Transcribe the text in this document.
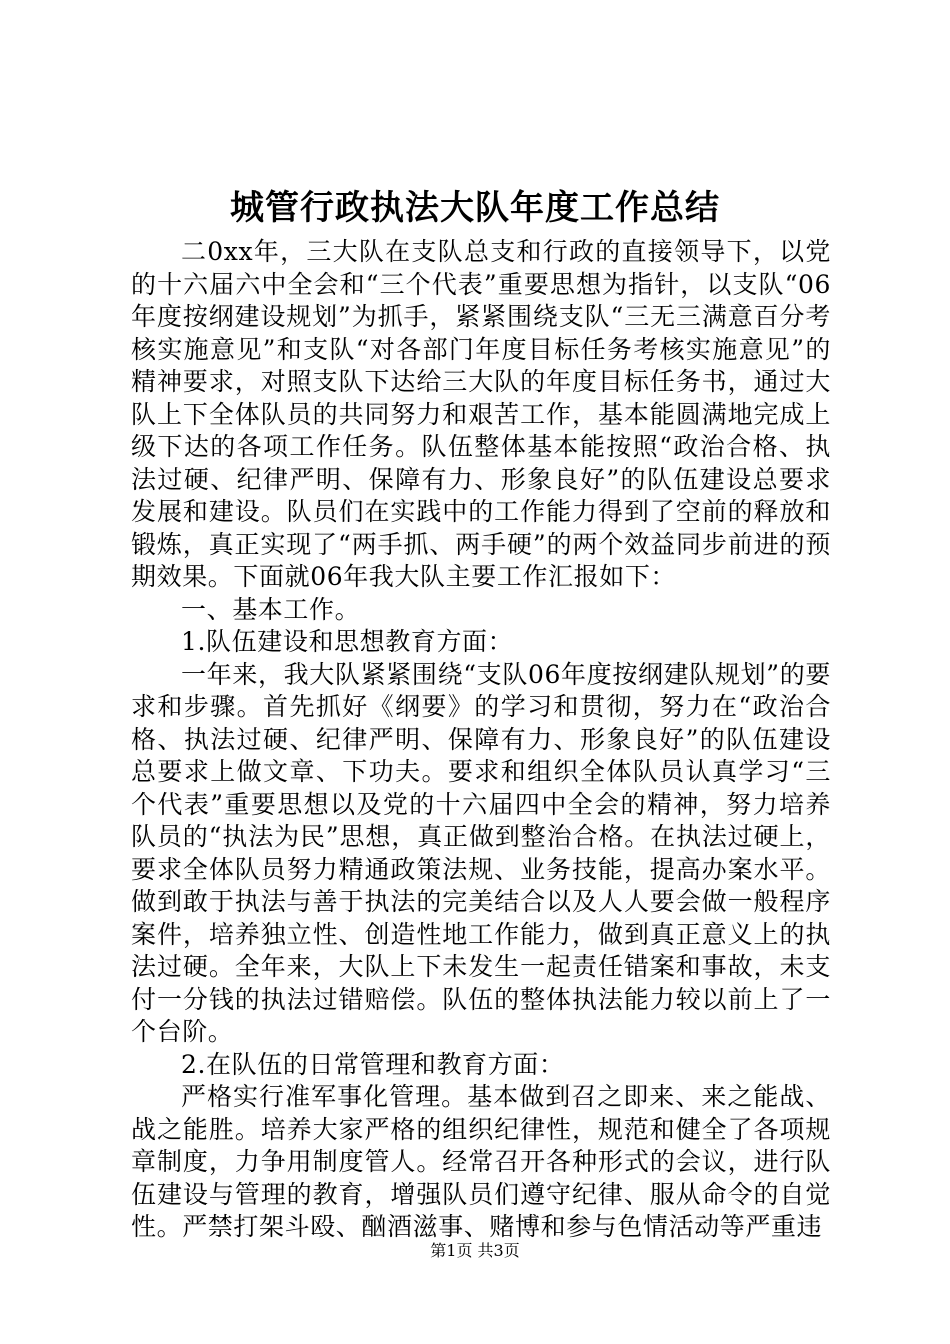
城管行政执法大队年度工作总结

二0xx年，三大队在支队总支和行政的直接领导下，以党的十六届六中全会和“三个代表”重要思想为指针，以支队“06年度按纲建设规划”为抓手，紧紧围绕支队“三无三满意百分考核实施意见”和支队“对各部门年度目标任务考核实施意见”的精神要求，对照支队下达给三大队的年度目标任务书，通过大队上下全体队员的共同努力和艰苦工作，基本能圆满地完成上级下达的各项工作任务。队伍整体基本能按照“政治合格、执法过硬、纪律严明、保障有力、形象良好”的队伍建设总要求发展和建设。队员们在实践中的工作能力得到了空前的释放和锻炼，真正实现了“两手抓、两手硬”的两个效益同步前进的预期效果。下面就06年我大队主要工作汇报如下：

一、基本工作。

1.队伍建设和思想教育方面：

一年来，我大队紧紧围绕“支队06年度按纲建队规划”的要求和步骤。首先抓好《纲要》的学习和贯彻，努力在“政治合格、执法过硬、纪律严明、保障有力、形象良好”的队伍建设总要求上做文章、下功夫。要求和组织全体队员认真学习“三个代表”重要思想以及党的十六届四中全会的精神，努力培养队员的“执法为民”思想，真正做到整治合格。在执法过硬上，要求全体队员努力精通政策法规、业务技能，提高办案水平。做到敢于执法与善于执法的完美结合以及人人要会做一般程序案件，培养独立性、创造性地工作能力，做到真正意义上的执法过硬。全年来，大队上下未发生一起责任错案和事故，未支付一分钱的执法过错赔偿。队伍的整体执法能力较以前上了一个台阶。

2.在队伍的日常管理和教育方面：

严格实行准军事化管理。基本做到召之即来、来之能战、战之能胜。培养大家严格的组织纪律性，规范和健全了各项规章制度，力争用制度管人。经常召开各种形式的会议，进行队伍建设与管理的教育，增强队员们遵守纪律、服从命令的自觉性。严禁打架斗殴、酗酒滋事、赌博和参与色情活动等严重违

第1页 共3页
